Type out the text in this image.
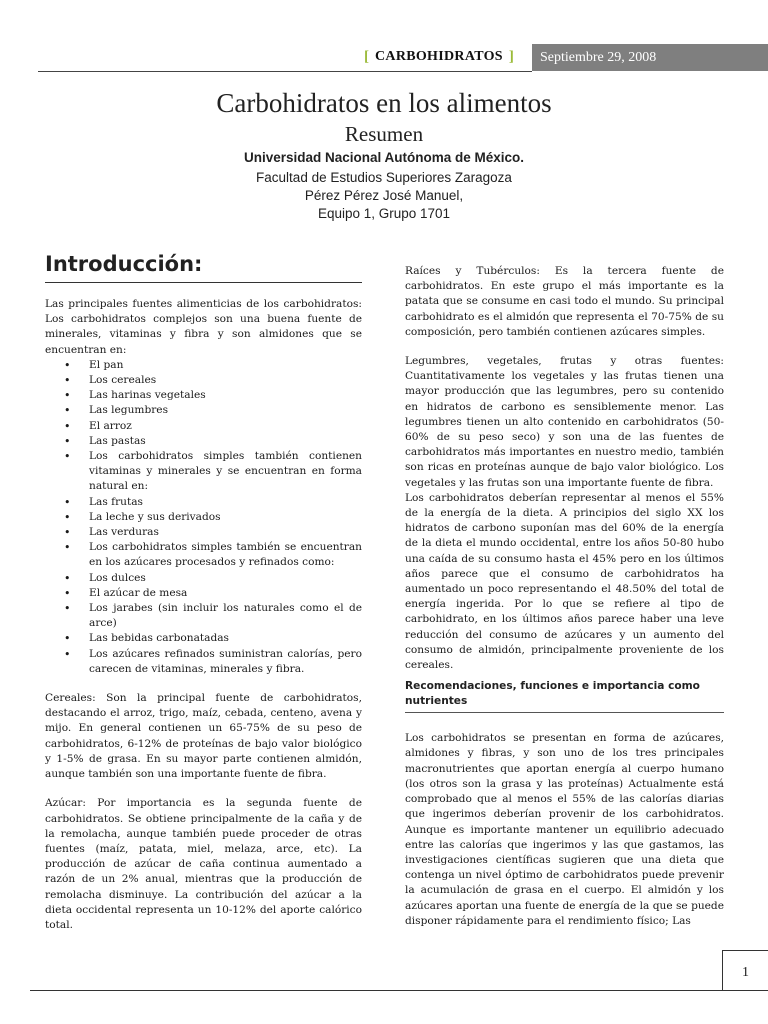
[ CARBOHIDRATOS ]	Septiembre 29, 2008
Carbohidratos en los alimentos
Resumen
Universidad Nacional Autónoma de México.
Facultad de Estudios Superiores Zaragoza
Pérez Pérez José Manuel,
Equipo 1, Grupo 1701
Introducción:

Las principales fuentes alimenticias de los carbohidratos: Los carbohidratos complejos son una buena fuente de minerales, vitaminas y fibra y son almidones que se encuentran en:

• El pan
• Los cereales
• Las harinas vegetales
• Las legumbres
• El arroz
• Las pastas
• Los carbohidratos simples también contienen vitaminas y minerales y se encuentran en forma natural en:
• Las frutas
• La leche y sus derivados
• Las verduras
• Los carbohidratos simples también se encuentran en los azúcares procesados y refinados como:
• Los dulces
• El azúcar de mesa
• Los jarabes (sin incluir los naturales como el de arce)
• Las bebidas carbonatadas
• Los azúcares refinados suministran calorías, pero carecen de vitaminas, minerales y fibra.

Cereales: Son la principal fuente de carbohidratos, destacando el arroz, trigo, maíz, cebada, centeno, avena y mijo. En general contienen un 65-75% de su peso de carbohidratos, 6-12% de proteínas de bajo valor biológico y 1-5% de grasa. En su mayor parte contienen almidón, aunque también son una importante fuente de fibra.

Azúcar: Por importancia es la segunda fuente de carbohidratos. Se obtiene principalmente de la caña y de la remolacha, aunque también puede proceder de otras fuentes (maíz, patata, miel, melaza, arce, etc). La producción de azúcar de caña continua aumentado a razón de un 2% anual, mientras que la producción de remolacha disminuye. La contribución del azúcar a la dieta occidental representa un 10-12% del aporte calórico total.

Raíces y Tubérculos: Es la tercera fuente de carbohidratos. En este grupo el más importante es la patata que se consume en casi todo el mundo. Su principal carbohidrato es el almidón que representa el 70-75% de su composición, pero también contienen azúcares simples.

Legumbres, vegetales, frutas y otras fuentes: Cuantitativamente los vegetales y las frutas tienen una mayor producción que las legumbres, pero su contenido en hidratos de carbono es sensiblemente menor. Las legumbres tienen un alto contenido en carbohidratos (50-60% de su peso seco) y son una de las fuentes de carbohidratos más importantes en nuestro medio, también son ricas en proteínas aunque de bajo valor biológico. Los vegetales y las frutas son una importante fuente de fibra.

Los carbohidratos deberían representar al menos el 55% de la energía de la dieta. A principios del siglo XX los hidratos de carbono suponían mas del 60% de la energía de la dieta el mundo occidental, entre los años 50-80 hubo una caída de su consumo hasta el 45% pero en los últimos años parece que el consumo de carbohidratos ha aumentado un poco representando el 48.50% del total de energía ingerida. Por lo que se refiere al tipo de carbohidrato, en los últimos años parece haber una leve reducción del consumo de azúcares y un aumento del consumo de almidón, principalmente proveniente de los cereales.

Recomendaciones, funciones e importancia como nutrientes

Los carbohidratos se presentan en forma de azúcares, almidones y fibras, y son uno de los tres principales macronutrientes que aportan energía al cuerpo humano (los otros son la grasa y las proteínas) Actualmente está comprobado que al menos el 55% de las calorías diarias que ingerimos deberían provenir de los carbohidratos. Aunque es importante mantener un equilibrio adecuado entre las calorías que ingerimos y las que gastamos, las investigaciones científicas sugieren que una dieta que contenga un nivel óptimo de carbohidratos puede prevenir la acumulación de grasa en el cuerpo. El almidón y los azúcares aportan una fuente de energía de la que se puede disponer rápidamente para el rendimiento físico; Las

1
